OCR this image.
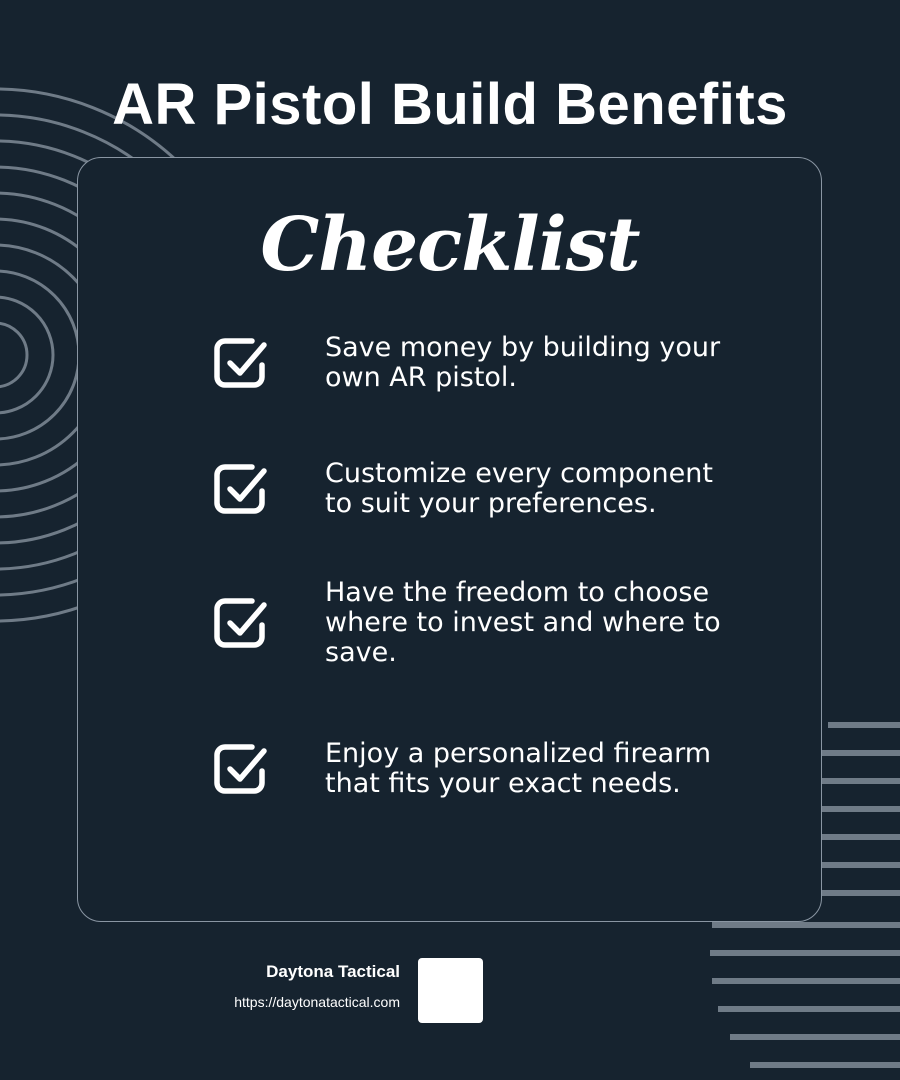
AR Pistol Build Benefits
Checklist
Save money by building your own AR pistol.
Customize every component to suit your preferences.
Have the freedom to choose where to invest and where to save.
Enjoy a personalized firearm that fits your exact needs.
Daytona Tactical
https://daytonatactical.com
